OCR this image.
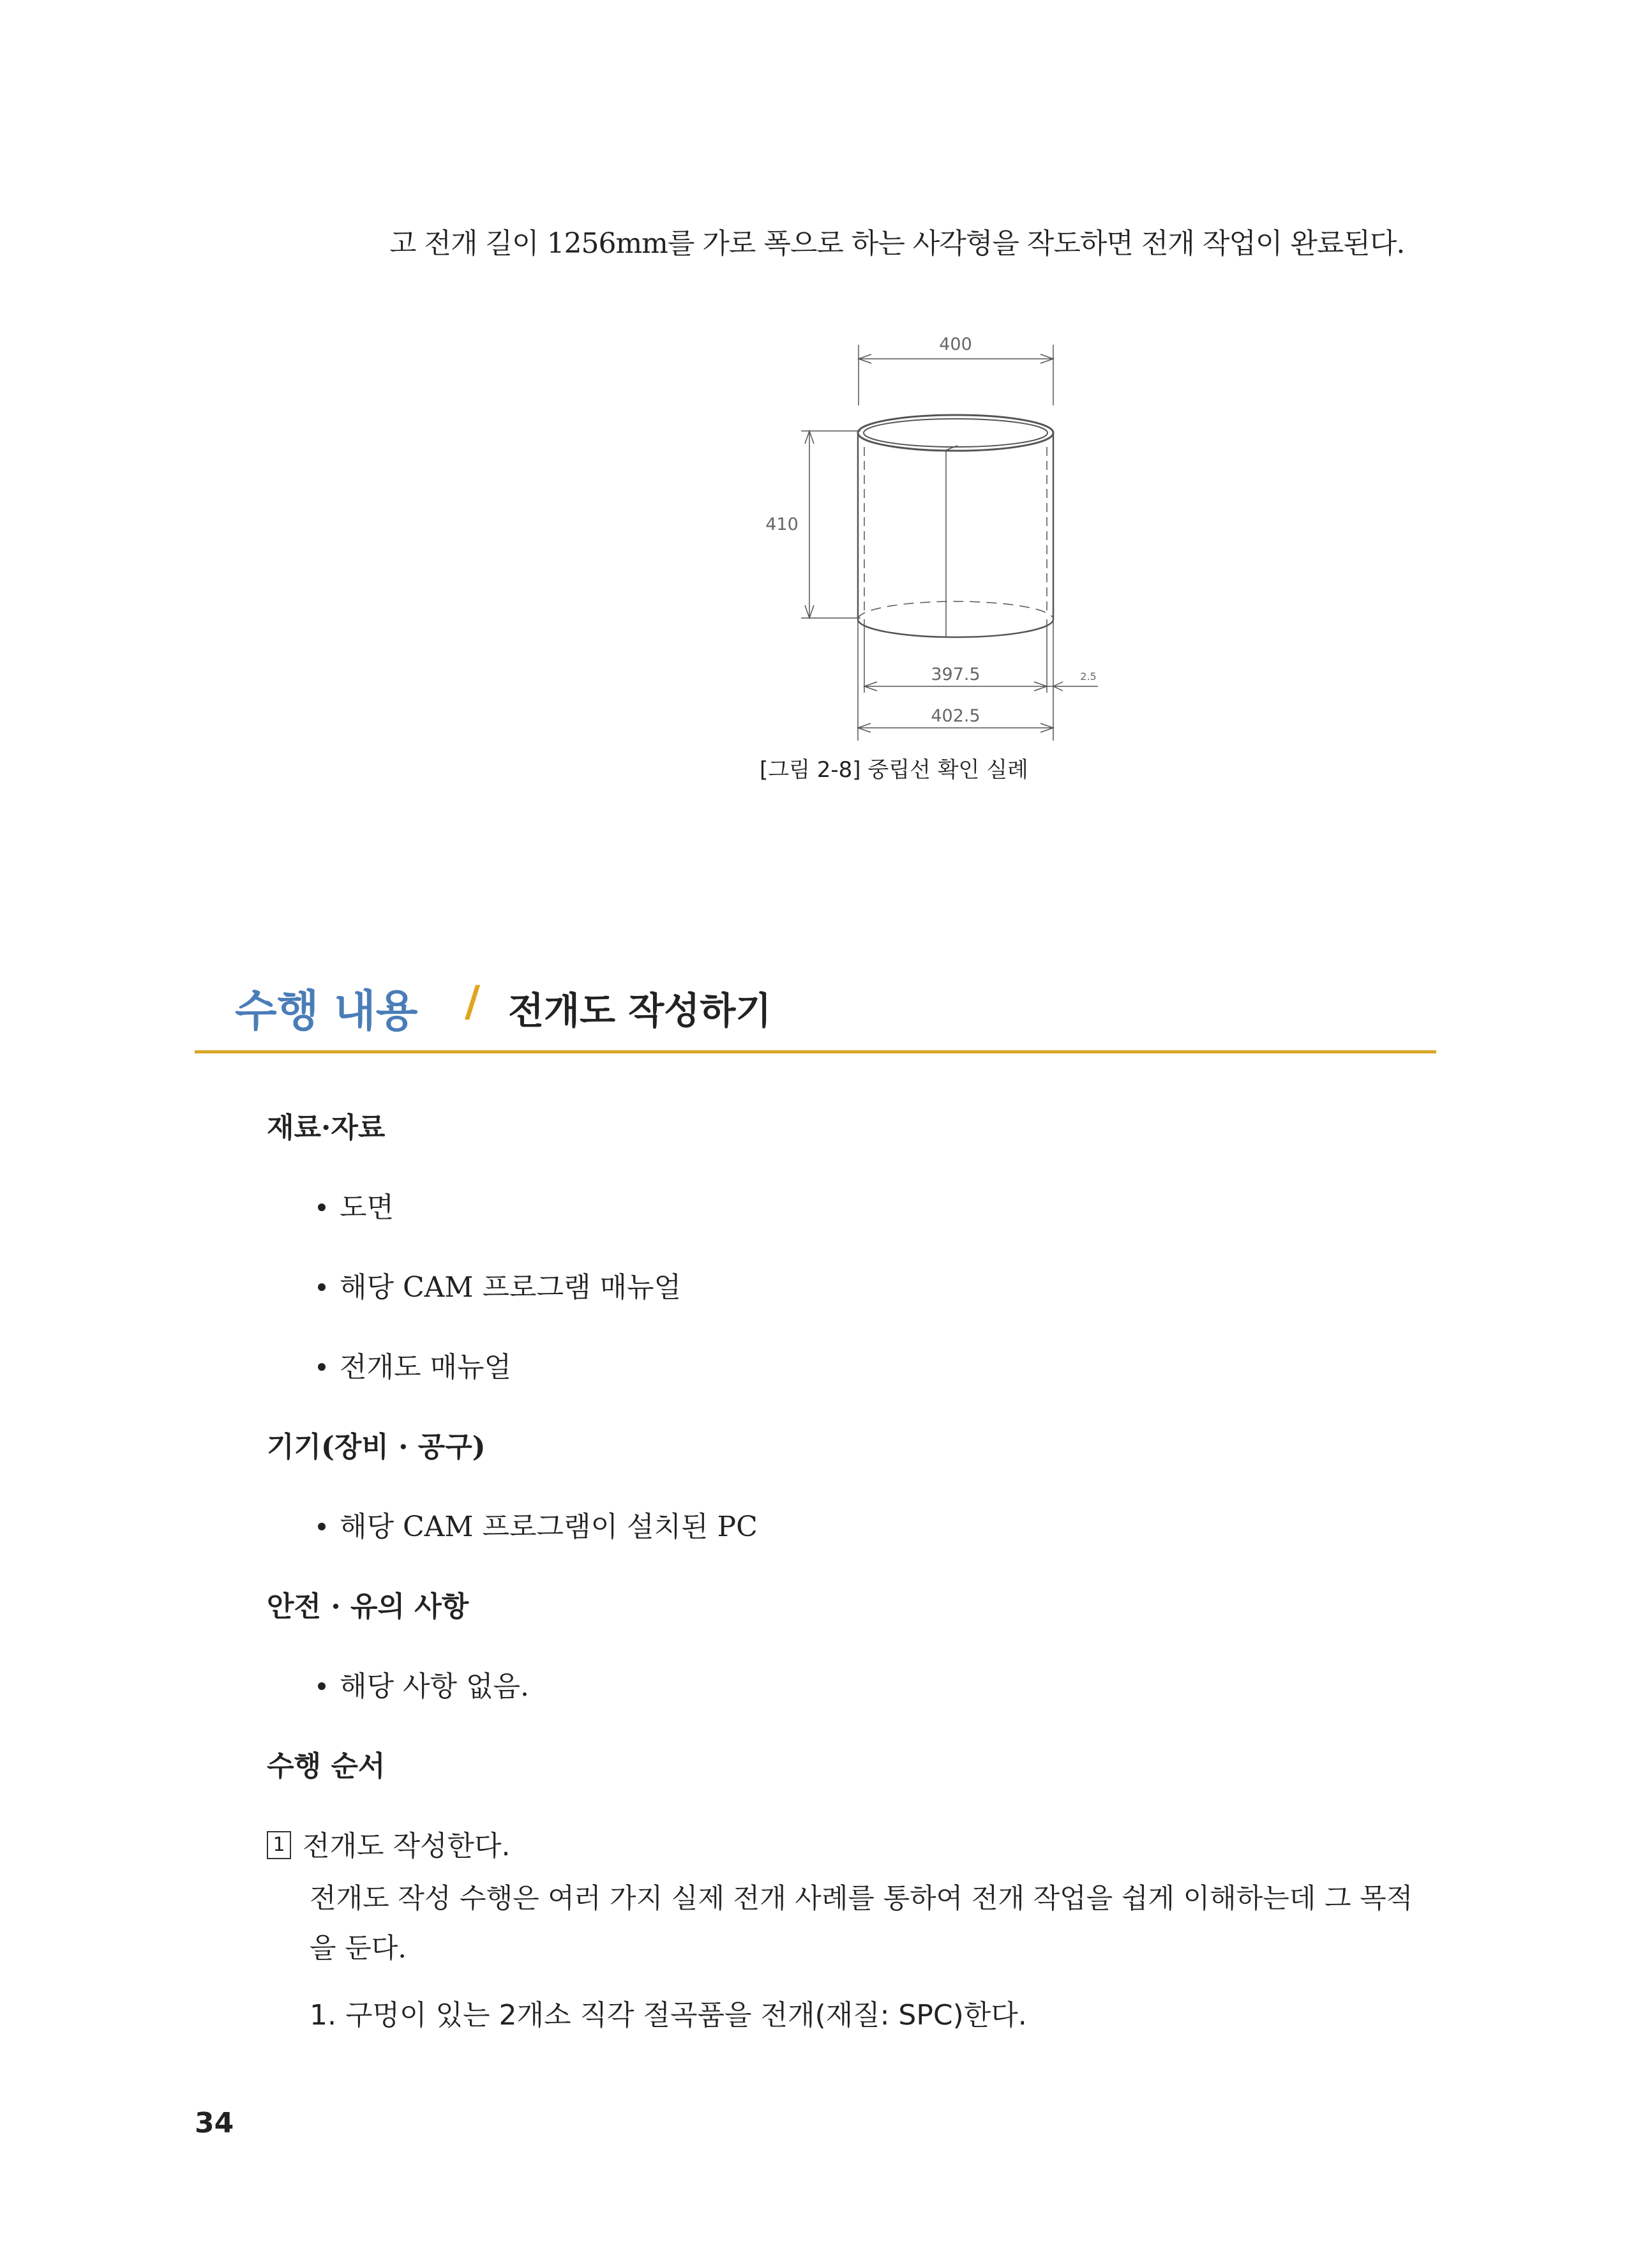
고 전개 길이 1256mm를 가로 폭으로 하는 사각형을 작도하면 전개 작업이 완료된다.
400
410
397.5
402.5
2.5
[그림 2-8] 중립선 확인 실례
수행 내용 / 전개도 작성하기
재료·자료
도면
해당 CAM 프로그램 매뉴얼
전개도 매뉴얼
기기(장비 · 공구)
해당 CAM 프로그램이 설치된 PC
안전 · 유의 사항
해당 사항 없음.
수행 순서
1 전개도 작성한다.
전개도 작성 수행은 여러 가지 실제 전개 사례를 통하여 전개 작업을 쉽게 이해하는데 그 목적
을 둔다.
1. 구멍이 있는 2개소 직각 절곡품을 전개(재질: SPC)한다.
34
